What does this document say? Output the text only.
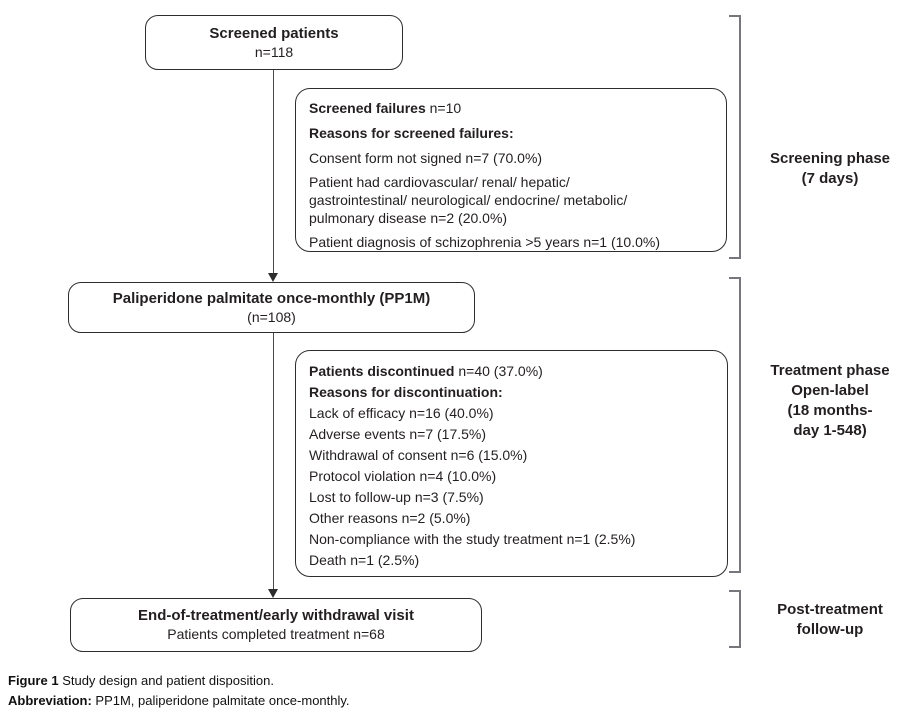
Screened patients
n=118
Screened failures n=10
Reasons for screened failures:
Consent form not signed n=7 (70.0%)
Patient had cardiovascular/ renal/ hepatic/ gastrointestinal/ neurological/ endocrine/ metabolic/ pulmonary disease n=2 (20.0%)
Patient diagnosis of schizophrenia >5 years n=1 (10.0%)
Paliperidone palmitate once-monthly (PP1M)
(n=108)
Patients discontinued n=40 (37.0%)
Reasons for discontinuation:
Lack of efficacy n=16 (40.0%)
Adverse events n=7 (17.5%)
Withdrawal of consent n=6 (15.0%)
Protocol violation n=4 (10.0%)
Lost to follow-up n=3 (7.5%)
Other reasons n=2 (5.0%)
Non-compliance with the study treatment n=1 (2.5%)
Death n=1 (2.5%)
End-of-treatment/early withdrawal visit
Patients completed treatment n=68
Screening phase
(7 days)
Treatment phase
Open-label
(18 months-
day 1-548)
Post-treatment
follow-up
Figure 1 Study design and patient disposition.
Abbreviation: PP1M, paliperidone palmitate once-monthly.
